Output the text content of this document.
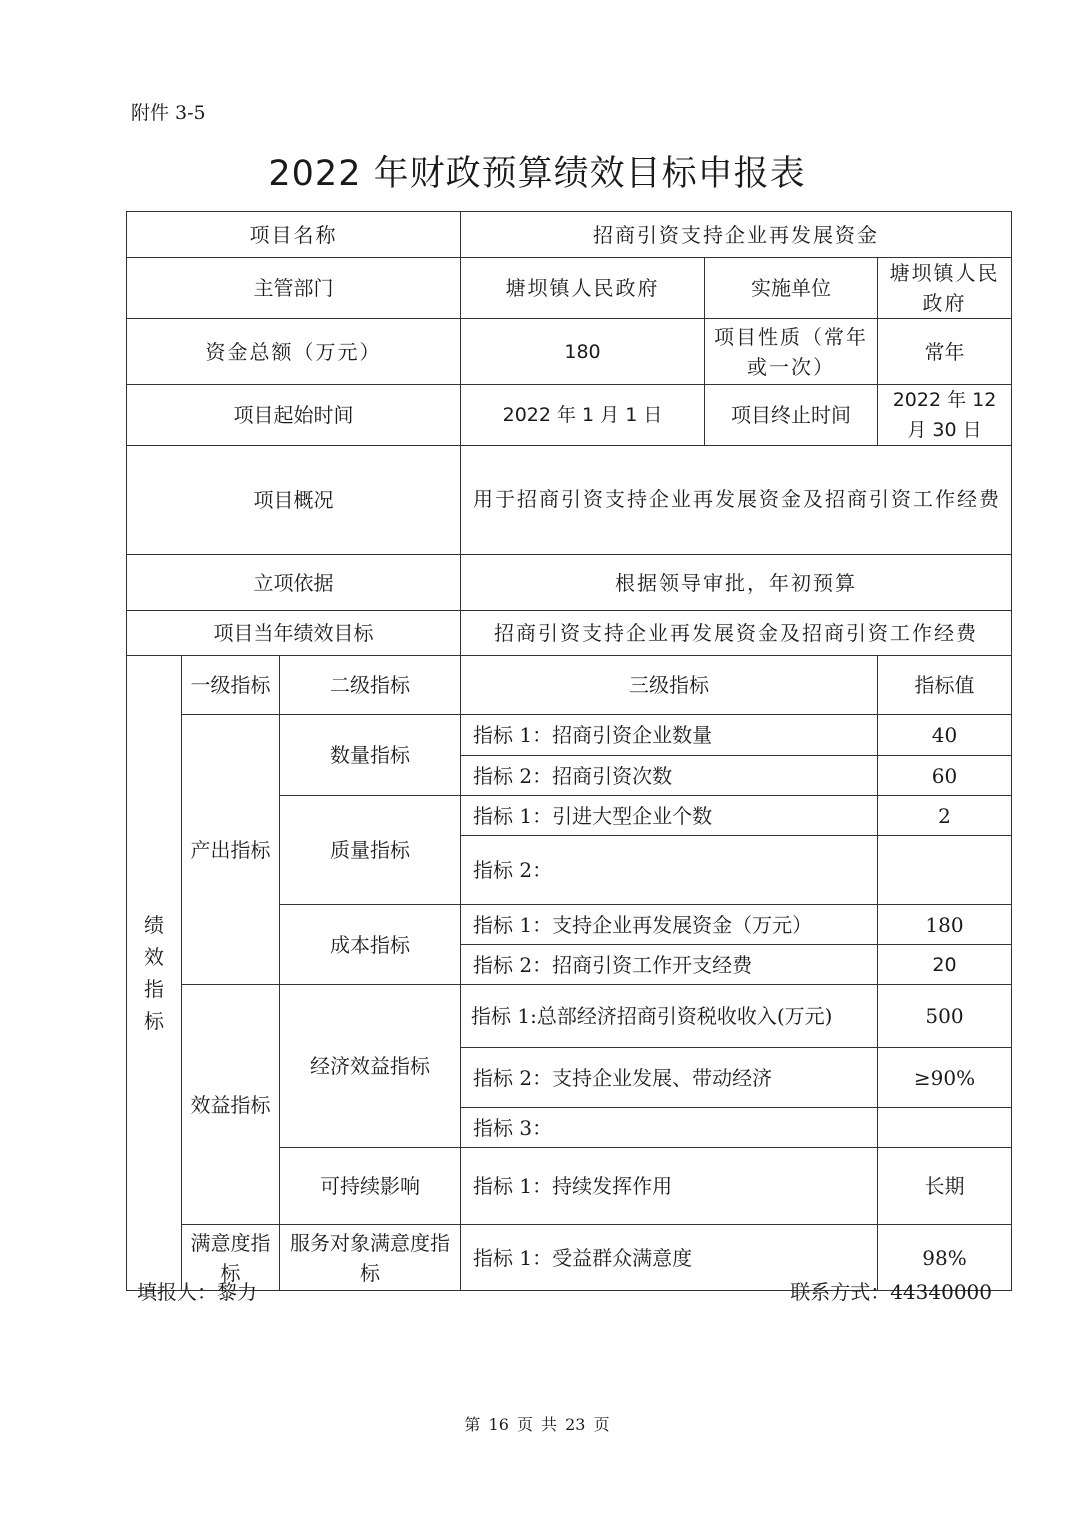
附件 3-5
2022 年财政预算绩效目标申报表
项目名称			招商引资支持企业再发展资金		
主管部门			塘坝镇人民政府	实施单位	塘坝镇人民政府
资金总额（万元）			180	项目性质（常年或一次）	常年
项目起始时间			2022 年 1 月 1 日	项目终止时间	2022 年 12 月 30 日
项目概况			用于招商引资支持企业再发展资金及招商引资工作经费		
立项依据			根据领导审批，年初预算		
项目当年绩效目标			招商引资支持企业再发展资金及招商引资工作经费		
绩效指标	一级指标	二级指标	三级指标		指标值
	产出指标	数量指标	指标 1：招商引资企业数量		40
			指标 2：招商引资次数		60
		质量指标	指标 1：引进大型企业个数		2
			指标 2：		
		成本指标	指标 1：支持企业再发展资金（万元）		180
			指标 2：招商引资工作开支经费		20
	效益指标	经济效益指标	指标 1:总部经济招商引资税收收入(万元)		500
			指标 2：支持企业发展、带动经济		≥90%
			指标 3：		
		可持续影响	指标 1：持续发挥作用		长期
	满意度指标	服务对象满意度指标	指标 1：受益群众满意度		98%
填报人：黎力	联系方式：44340000
第 16 页 共 23 页
